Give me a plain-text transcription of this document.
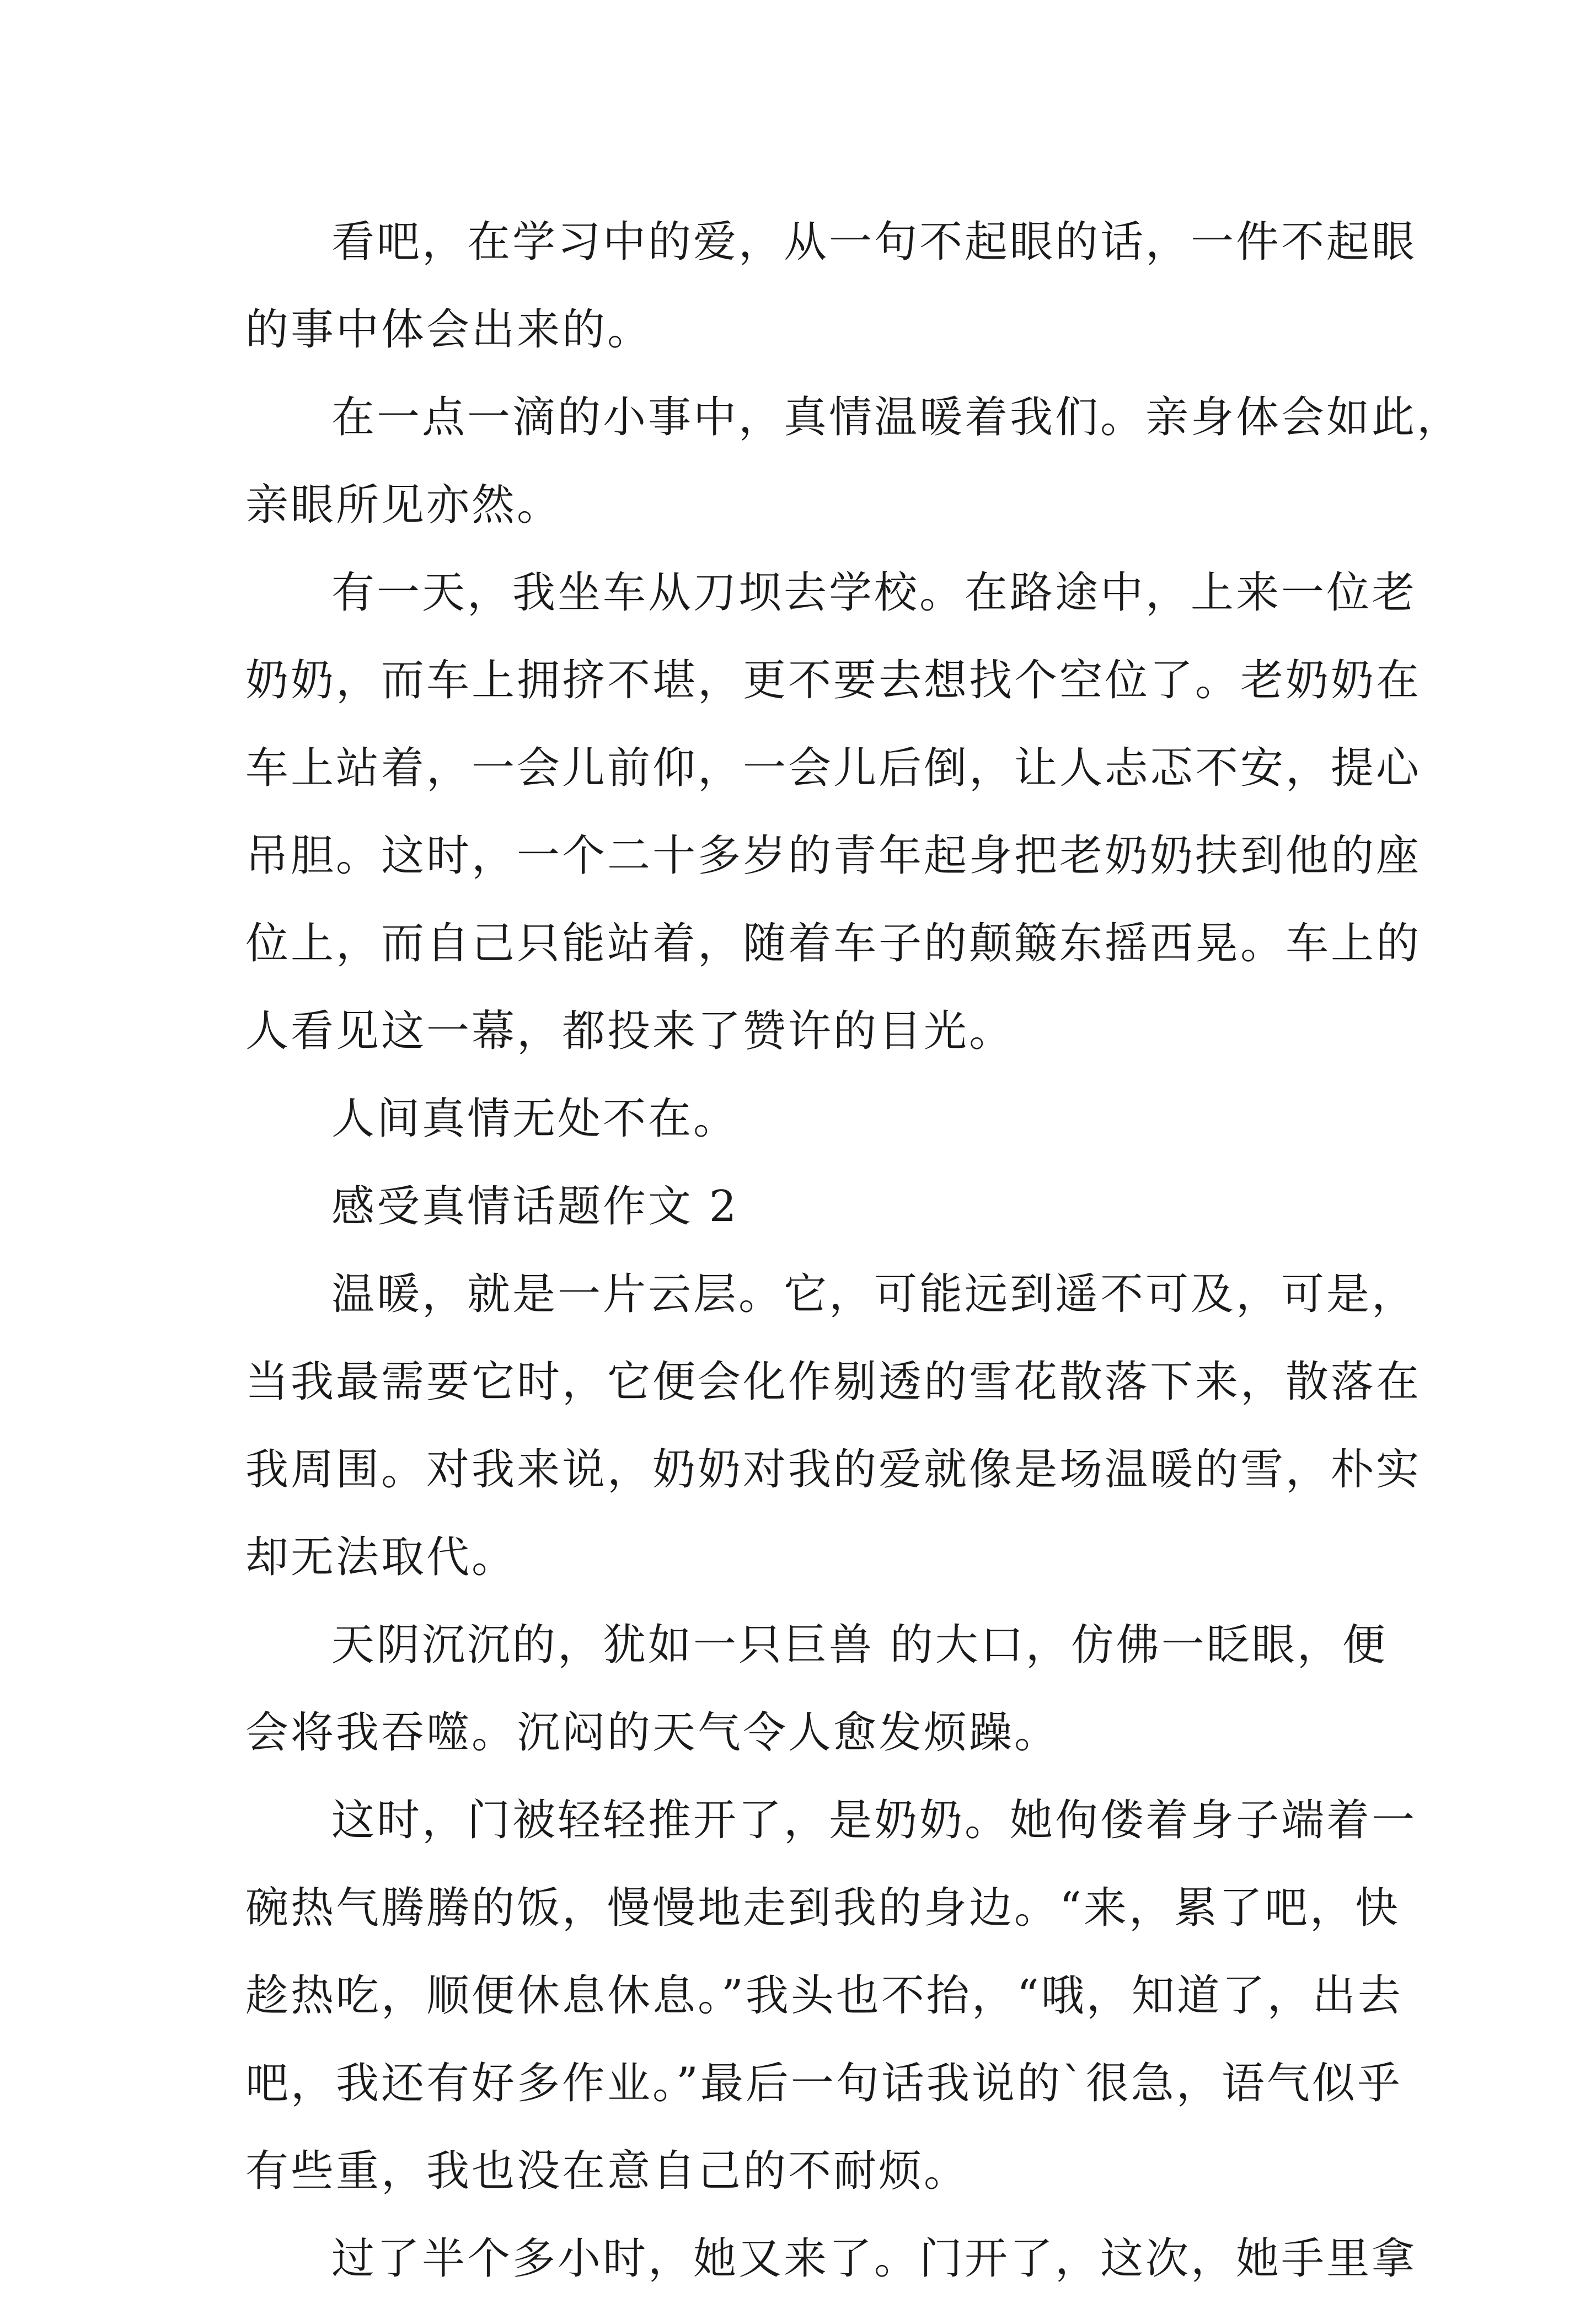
看吧，在学习中的爱，从一句不起眼的话，一件不起眼
的事中体会出来的。
在一点一滴的小事中，真情温暖着我们。亲身体会如此，
亲眼所见亦然。
有一天，我坐车从刀坝去学校。在路途中，上来一位老
奶奶，而车上拥挤不堪，更不要去想找个空位了。老奶奶在
车上站着，一会儿前仰，一会儿后倒，让人忐忑不安，提心
吊胆。这时，一个二十多岁的青年起身把老奶奶扶到他的座
位上，而自己只能站着，随着车子的颠簸东摇西晃。车上的
人看见这一幕，都投来了赞许的目光。
人间真情无处不在。
感受真情话题作文 2
温暖，就是一片云层。它，可能远到遥不可及，可是，
当我最需要它时，它便会化作剔透的雪花散落下来，散落在
我周围。对我来说，奶奶对我的爱就像是场温暖的雪，朴实
却无法取代。
天阴沉沉的，犹如一只巨兽 的大口，仿佛一眨眼，便
会将我吞噬。沉闷的天气令人愈发烦躁。
这时，门被轻轻推开了，是奶奶。她佝偻着身子端着一
碗热气腾腾的饭，慢慢地走到我的身边。“来，累了吧，快
趁热吃，顺便休息休息。”我头也不抬，“哦，知道了，出去
吧，我还有好多作业。”最后一句话我说的`很急，语气似乎
有些重，我也没在意自己的不耐烦。
过了半个多小时，她又来了。门开了，这次，她手里拿
